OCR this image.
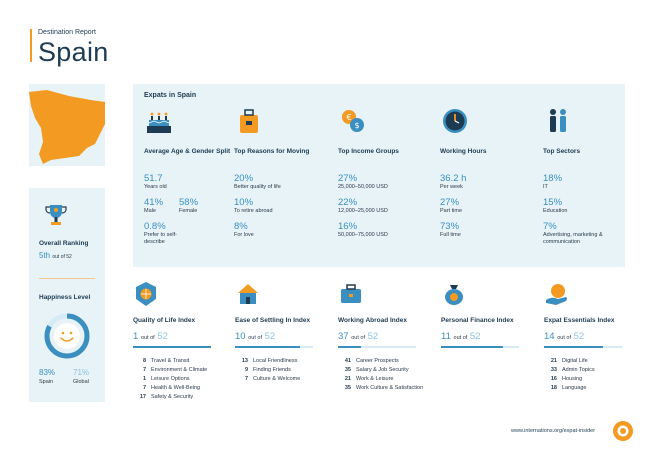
Destination Report
Spain
Overall Ranking
5th out of 52
Happiness Level
83% 71%
Spain	Global
Expats in Spain
Average Age & Gender Split
51.7
Years old
41%
Male
58%
Female
0.8%
Prefer to self-describe
Top Reasons for Moving
20%
Better quality of life
10%
To retire abroad
8%
For love
€
$
Top Income Groups
27%
25,000–50,000 USD
22%
12,000–25,000 USD
16%
50,000–75,000 USD
Working Hours
36.2 h
Per week
27%
Part time
73%
Full time
Top Sectors
18%
IT
15%
Education
7%
Advertising, marketing & communication
Quality of Life Index
1 out of 52
8 Travel & Transit
7 Environment & Climate
1 Leisure Options
7 Health & Well-Being
17 Safety & Security
Ease of Settling In Index
10 out of 52
13 Local Friendliness
9 Finding Friends
7 Culture & Welcome
Working Abroad Index
37 out of 52
41 Career Prospects
35 Salary & Job Security
21 Work & Leisure
35 Work Culture & Satisfaction
Personal Finance Index
11 out of 52
Expat Essentials Index
14 out of 52
21 Digital Life
33 Admin Topics
16 Housing
18 Language
www.internations.org/expat-insider
